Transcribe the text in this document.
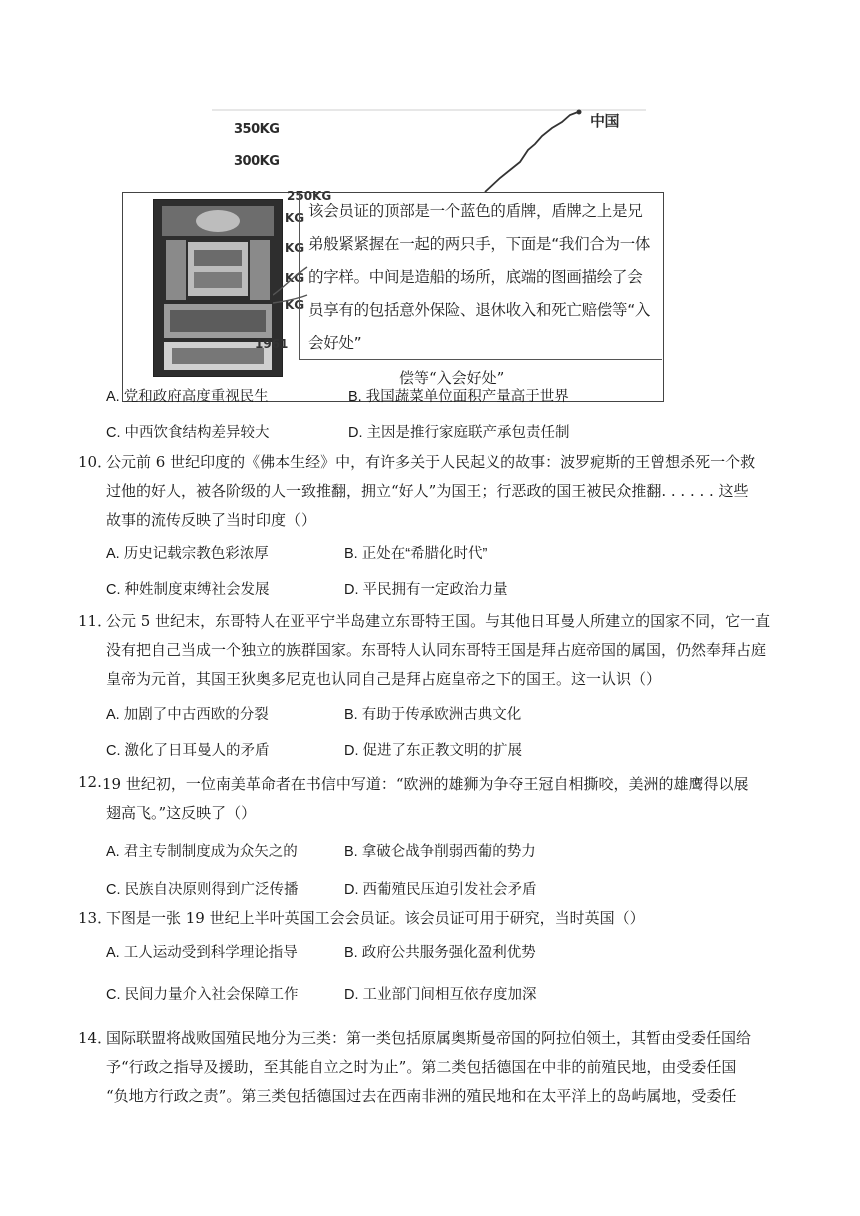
350KG
300KG
中国
250KG
KG
KG
KG
KG
1961
该会员证的顶部是一个蓝色的盾牌，盾牌之上是兄
弟般紧紧握在一起的两只手，下面是“我们合为一体
的字样。中间是造船的场所，底端的图画描绘了会
员享有的包括意外保险、退休收入和死亡赔偿等“入
会好处”
偿等“入会好处”
A. 党和政府高度重视民生	B. 我国蔬菜单位面积产量高于世界
C. 中西饮食结构差异较大	D. 主因是推行家庭联产承包责任制
10．
公元前 6 世纪印度的《佛本生经》中，有许多关于人民起义的故事：波罗痆斯的王曾想杀死一个救
过他的好人，被各阶级的人一致推翻，拥立“好人”为国王；行恶政的国王被民众推翻. . . . . . 这些
故事的流传反映了当时印度（）
A. 历史记载宗教色彩浓厚	B. 正处在“希腊化时代”
C. 种姓制度束缚社会发展	D. 平民拥有一定政治力量
11．
公元 5 世纪末，东哥特人在亚平宁半岛建立东哥特王国。与其他日耳曼人所建立的国家不同，它一直
没有把自己当成一个独立的族群国家。东哥特人认同东哥特王国是拜占庭帝国的属国，仍然奉拜占庭
皇帝为元首，其国王狄奥多尼克也认同自己是拜占庭皇帝之下的国王。这一认识（）
A. 加剧了中古西欧的分裂	B. 有助于传承欧洲古典文化
C. 激化了日耳曼人的矛盾	D. 促进了东正教文明的扩展
12. 19 世纪初，一位南美革命者在书信中写道：“欧洲的雄狮为争夺王冠自相撕咬，美洲的雄鹰得以展
翅高飞。”这反映了（）
A. 君主专制制度成为众矢之的	B. 拿破仑战争削弱西葡的势力
C. 民族自决原则得到广泛传播	D. 西葡殖民压迫引发社会矛盾
13．
下图是一张 19 世纪上半叶英国工会会员证。该会员证可用于研究，当时英国（）
A. 工人运动受到科学理论指导	B. 政府公共服务强化盈利优势
C. 民间力量介入社会保障工作	D. 工业部门间相互依存度加深
14．
国际联盟将战败国殖民地分为三类：第一类包括原属奥斯曼帝国的阿拉伯领土，其暂由受委任国给
予“行政之指导及援助，至其能自立之时为止”。第二类包括德国在中非的前殖民地，由受委任国
“负地方行政之责”。第三类包括德国过去在西南非洲的殖民地和在太平洋上的岛屿属地，受委任
